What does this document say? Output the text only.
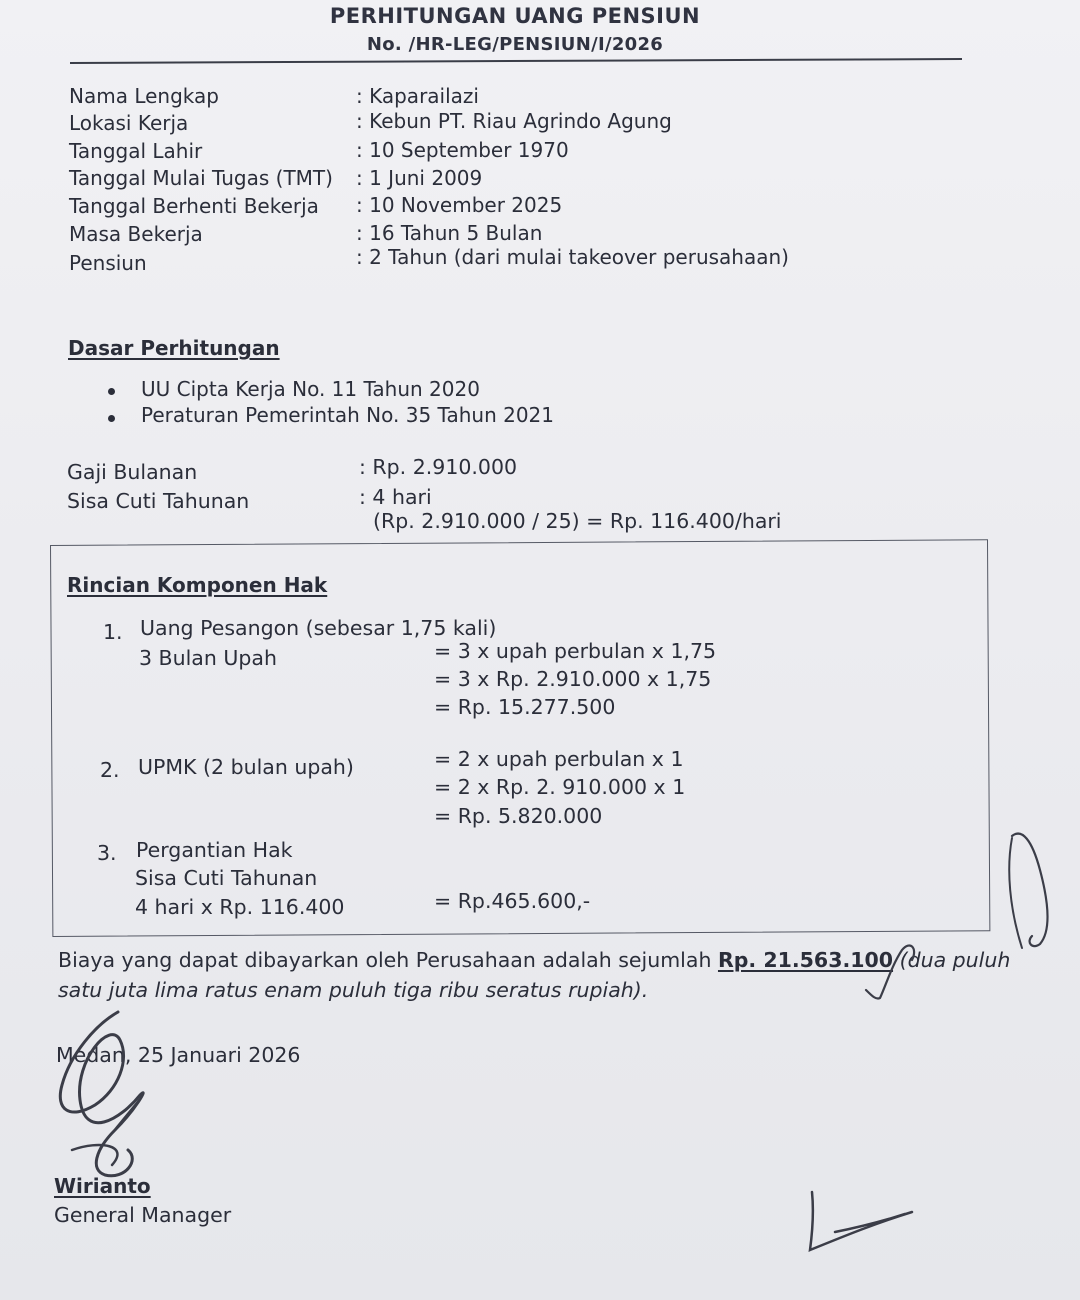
PERHITUNGAN UANG PENSIUN
No. /HR-LEG/PENSIUN/I/2026
Nama Lengkap	: Kaparailazi
Lokasi Kerja	: Kebun PT. Riau Agrindo Agung
Tanggal Lahir	: 10 September 1970
Tanggal Mulai Tugas (TMT) : 1 Juni 2009
Tanggal Berhenti Bekerja : 10 November 2025
Masa Bekerja	: 16 Tahun 5 Bulan
Pensiun	: 2 Tahun (dari mulai takeover perusahaan)
Dasar Perhitungan
UU Cipta Kerja No. 11 Tahun 2020
Peraturan Pemerintah No. 35 Tahun 2021
Gaji Bulanan	: Rp. 2.910.000
Sisa Cuti Tahunan	: 4 hari
(Rp. 2.910.000 / 25) = Rp. 116.400/hari
Rincian Komponen Hak
1. Uang Pesangon (sebesar 1,75 kali)
3 Bulan Upah	= 3 x upah perbulan x 1,75
= 3 x Rp. 2.910.000 x 1,75
= Rp. 15.277.500
2. UPMK (2 bulan upah)	= 2 x upah perbulan x 1
= 2 x Rp. 2. 910.000 x 1
= Rp. 5.820.000
3. Pergantian Hak
Sisa Cuti Tahunan
4 hari x Rp. 116.400	= Rp.465.600,-
Biaya yang dapat dibayarkan oleh Perusahaan adalah sejumlah Rp. 21.563.100 (dua puluh
satu juta lima ratus enam puluh tiga ribu seratus rupiah).
Medan, 25 Januari 2026
Wirianto
General Manager
